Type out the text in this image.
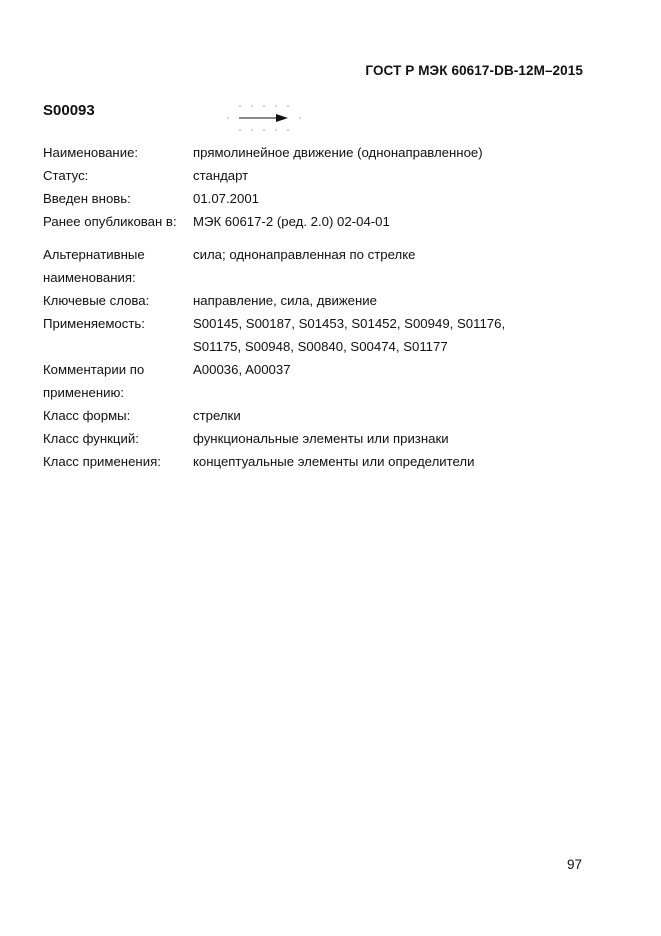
ГОСТ Р МЭК 60617-DB-12M–2015
S00093
Наименование:	прямолинейное движение (однонаправленное)
Статус:	стандарт
Введен вновь:	01.07.2001
Ранее опубликован в:	МЭК 60617-2 (ред. 2.0) 02-04-01
Альтернативные
наименования:
сила; однонаправленная по стрелке
Ключевые слова:	направление, сила, движение
Применяемость:	S00145, S00187, S01453, S01452, S00949, S01176,
S01175, S00948, S00840, S00474, S01177
Комментарии по
применению:
A00036, A00037
Класс формы:	стрелки
Класс функций:	функциональные элементы или признаки
Класс применения:	концептуальные элементы или определители
97
